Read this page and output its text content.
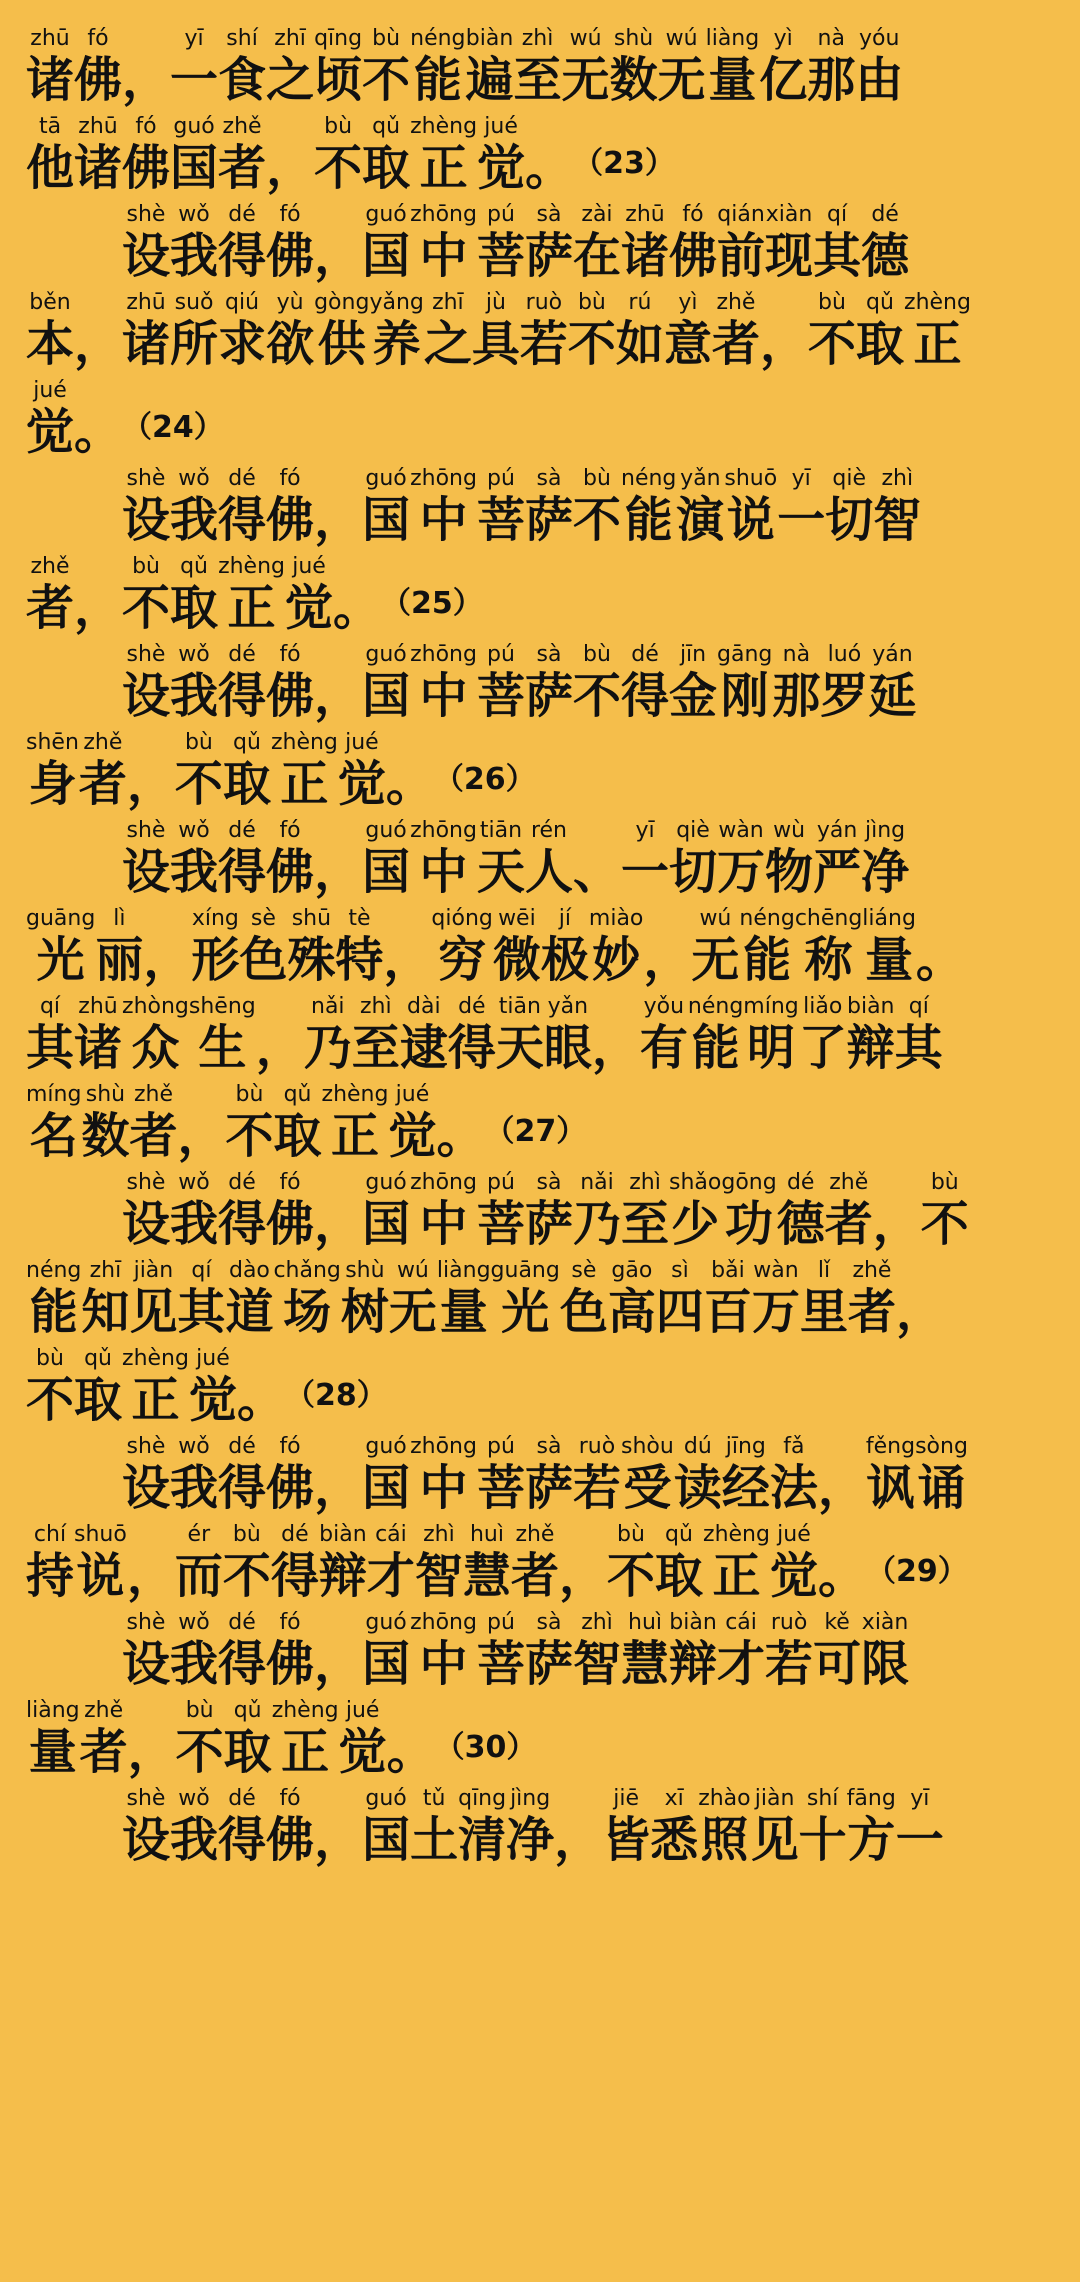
zhū
诸
fó
佛 ，
yī
一
shí
食
zhī
之
qīng
顷
bù
不
néng
能
biàn
遍
zhì
至
wú
无
shù
数
wú
无
liàng
量
yì
亿
nà
那
yóu
由
tā
他
zhū
诸
fó
佛
guó
国
zhě
者 ，
bù
不
qǔ
取
zhèng
正
jué
觉 。 （23）
shè
设
wǒ
我
dé
得
fó
佛 ，
guó
国
zhōng
中
pú
菩
sà
萨
zài
在
zhū
诸
fó
佛
qián
前
xiàn
现
qí
其
dé
德
běn
本 ，
zhū
诸
suǒ
所
qiú
求
yù
欲
gòng
供
yǎng
养
zhī
之
jù
具
ruò
若
bù
不
rú
如
yì
意
zhě
者 ，
bù
不
qǔ
取
zhèng
正
jué
觉 。 （24）
shè
设
wǒ
我
dé
得
fó
佛 ，
guó
国
zhōng
中
pú
菩
sà
萨
bù
不
néng
能
yǎn
演
shuō
说
yī
一
qiè
切
zhì
智
zhě
者 ，
bù
不
qǔ
取
zhèng
正
jué
觉 。 （25）
shè
设
wǒ
我
dé
得
fó
佛 ，
guó
国
zhōng
中
pú
菩
sà
萨
bù
不
dé
得
jīn
金
gāng
刚
nà
那
luó
罗
yán
延
shēn
身
zhě
者 ，
bù
不
qǔ
取
zhèng
正
jué
觉 。 （26）
shè
设
wǒ
我
dé
得
fó
佛 ，
guó
国
zhōng
中
tiān
天
rén
人 、
yī
一
qiè
切
wàn
万
wù
物
yán
严
jìng
净
guāng
光
lì
丽 ，
xíng
形
sè
色
shū
殊
tè
特 ，
qióng
穷
wēi
微
jí
极
miào
妙 ，
wú
无
néng
能
chēng
称
liáng
量 。
qí
其
zhū
诸
zhòng
众
shēng
生 ，
nǎi
乃
zhì
至
dài
逮
dé
得
tiān
天
yǎn
眼 ，
yǒu
有
néng
能
míng
明
liǎo
了
biàn
辩
qí
其
míng
名
shù
数
zhě
者 ，
bù
不
qǔ
取
zhèng
正
jué
觉 。 （27）
shè
设
wǒ
我
dé
得
fó
佛 ，
guó
国
zhōng
中
pú
菩
sà
萨
nǎi
乃
zhì
至
shǎo
少
gōng
功
dé
德
zhě
者 ，
bù
不
néng
能
zhī
知
jiàn
见
qí
其
dào
道
chǎng
场
shù
树
wú
无
liàng
量
guāng
光
sè
色
gāo
高
sì
四
bǎi
百
wàn
万
lǐ
里
zhě
者 ，
bù
不
qǔ
取
zhèng
正
jué
觉 。 （28）
shè
设
wǒ
我
dé
得
fó
佛 ，
guó
国
zhōng
中
pú
菩
sà
萨
ruò
若
shòu
受
dú
读
jīng
经
fǎ
法 ，
fěng
讽
sòng
诵
chí
持
shuō
说 ，
ér
而
bù
不
dé
得
biàn
辩
cái
才
zhì
智
huì
慧
zhě
者 ，
bù
不
qǔ
取
zhèng
正
jué
觉 。 （29）
shè
设
wǒ
我
dé
得
fó
佛 ，
guó
国
zhōng
中
pú
菩
sà
萨
zhì
智
huì
慧
biàn
辩
cái
才
ruò
若
kě
可
xiàn
限
liàng
量
zhě
者 ，
bù
不
qǔ
取
zhèng
正
jué
觉 。 （30）
shè
设
wǒ
我
dé
得
fó
佛 ，
guó
国
tǔ
土
qīng
清
jìng
净 ，
jiē
皆
xī
悉
zhào
照
jiàn
见
shí
十
fāng
方
yī
一
